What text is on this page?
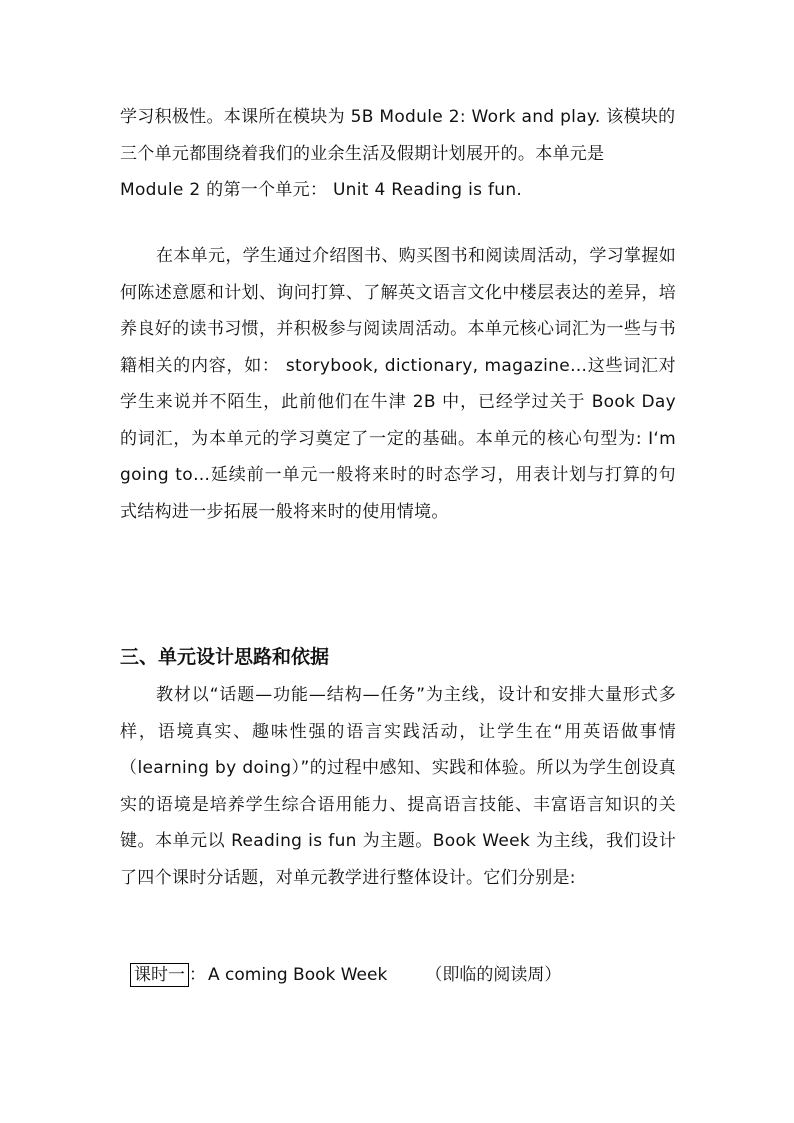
学习积极性。本课所在模块为 5B Module 2: Work and play. 该模块的
三个单元都围绕着我们的业余生活及假期计划展开的。本单元是
Module 2 的第一个单元： Unit 4 Reading is fun.

在本单元，学生通过介绍图书、购买图书和阅读周活动，学习掌握如何陈述意愿和计划、询问打算、了解英文语言文化中楼层表达的差异，培养良好的读书习惯，并积极参与阅读周活动。本单元核心词汇为一些与书籍相关的内容，如： storybook, dictionary, magazine…这些词汇对学生来说并不陌生，此前他们在牛津 2B 中，已经学过关于 Book Day 的词汇，为本单元的学习奠定了一定的基础。本单元的核心句型为: I‘m going to…延续前一单元一般将来时的时态学习，用表计划与打算的句式结构进一步拓展一般将来时的使用情境。

三、单元设计思路和依据

教材以“话题—功能—结构—任务”为主线，设计和安排大量形式多样，语境真实、趣味性强的语言实践活动，让学生在“用英语做事情（learning by doing）”的过程中感知、实践和体验。所以为学生创设真实的语境是培养学生综合语用能力、提高语言技能、丰富语言知识的关键。本单元以 Reading is fun 为主题。Book Week 为主线，我们设计了四个课时分话题，对单元教学进行整体设计。它们分别是:

课时一 ： A coming Book Week （即临的阅读周）
